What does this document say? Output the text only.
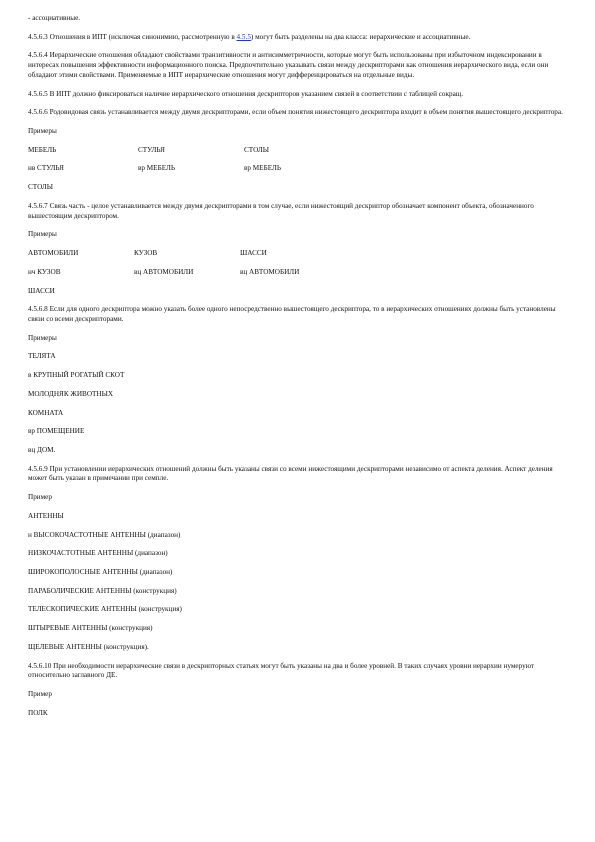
- ассоциативные.

4.5.6.3 Отношения в ИПТ (исключая синонимию, рассмотренную в 4.5.5) могут быть разделены на два класса: иерархические и ассоциативные.

4.5.6.4 Иерархические отношения обладают свойствами транзитивности и антисимметричности, которые могут быть использованы при избыточном индексировании в интересах повышения эффективности информационного поиска. Предпочтительно указывать связи между дескрипторами как отношения иерархического вида, если они обладают этими свойствами. Применяемые в ИПТ иерархические отношения могут дифференцироваться на отдельные виды.

4.5.6.5 В ИПТ должно фиксироваться наличие иерархического отношения дескрипторов указанием связей в соответствии с таблицей сокращ.

4.5.6.6 Родовидовая связь устанавливается между двумя дескрипторами, если объем понятия нижестоящего дескриптора входит в объем понятия вышестоящего дескриптора.

Примеры

МЕБЕЛЬ	СТУЛЬЯ	СТОЛЫ
нв СТУЛЬЯ	вр МЕБЕЛЬ	вр МЕБЕЛЬ

СТОЛЫ

4.5.6.7 Связь часть - целое устанавливается между двумя дескрипторами в том случае, если нижестоящий дескриптор обозначает компонент объекта, обозначенного вышестоящим дескриптором.

Примеры

АВТОМОБИЛИ	КУЗОВ	ШАССИ
нч КУЗОВ	вц АВТОМОБИЛИ	вц АВТОМОБИЛИ

ШАССИ

4.5.6.8 Если для одного дескриптора можно указать более одного непосредственно вышестоящего дескриптора, то в иерархических отношениях должны быть установлены связи со всеми дескрипторами.

Примеры

ТЕЛЯТА

в КРУПНЫЙ РОГАТЫЙ СКОТ

МОЛОДНЯК ЖИВОТНЫХ

КОМНАТА

вр ПОМЕЩЕНИЕ

вц ДОМ.

4.5.6.9 При установлении иерархических отношений должны быть указаны связи со всеми нижестоящими дескрипторами независимо от аспекта деления. Аспект деления может быть указан в примечании при семпле.

Пример

АНТЕННЫ

н ВЫСОКОЧАСТОТНЫЕ АНТЕННЫ (диапазон)

НИЗКОЧАСТОТНЫЕ АНТЕННЫ (диапазон)

ШИРОКОПОЛОСНЫЕ АНТЕННЫ (диапазон)

ПАРАБОЛИЧЕСКИЕ АНТЕННЫ (конструкция)

ТЕЛЕСКОПИЧЕСКИЕ АНТЕННЫ (конструкция)

ШТЫРЕВЫЕ АНТЕННЫ (конструкция)

ЩЕЛЕВЫЕ АНТЕННЫ (конструкция).

4.5.6.10 При необходимости иерархические связи в дескрипторных статьях могут быть указаны на два и более уровней. В таких случаях уровни иерархии нумеруют относительно заглавного ДЕ.

Пример

ПОЛК
